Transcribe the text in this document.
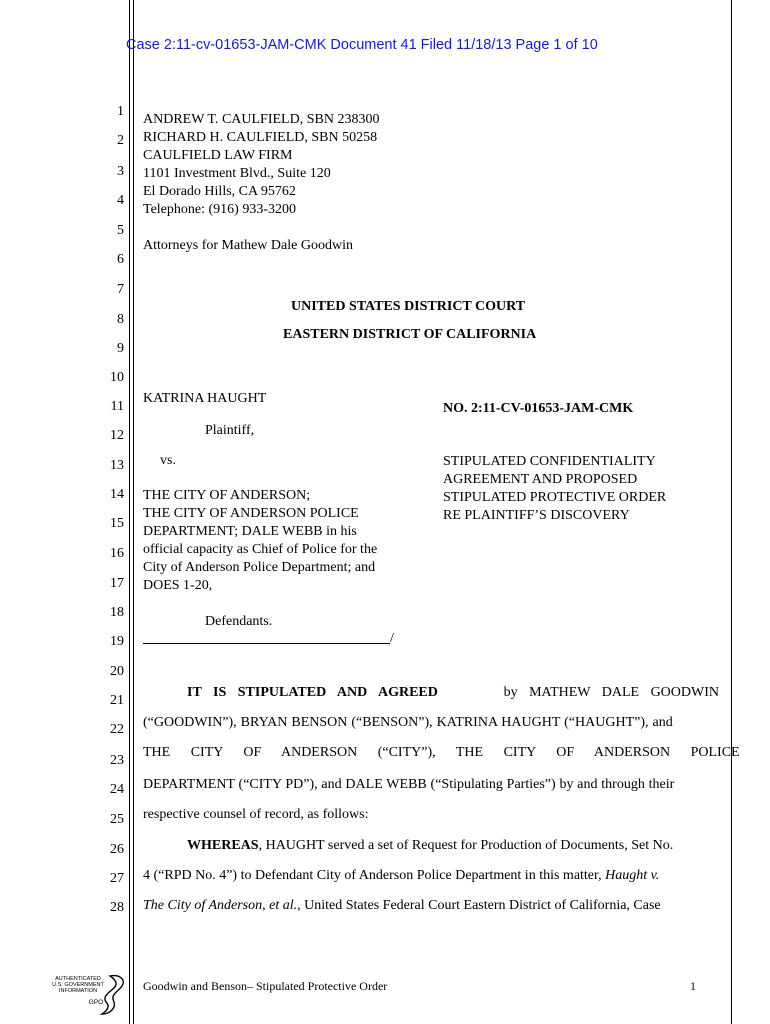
Case 2:11-cv-01653-JAM-CMK Document 41 Filed 11/18/13 Page 1 of 10
1
2
3
4
5
6
7
8
9
10
11
12
13
14
15
16
17
18
19
20
21
22
23
24
25
26
27
28
ANDREW T. CAULFIELD, SBN 238300
RICHARD H. CAULFIELD, SBN 50258
CAULFIELD LAW FIRM
1101 Investment Blvd., Suite 120
El Dorado Hills, CA 95762
Telephone: (916) 933-3200
Attorneys for Mathew Dale Goodwin
UNITED STATES DISTRICT COURT
EASTERN DISTRICT OF CALIFORNIA
KATRINA HAUGHT
Plaintiff,
vs.
THE CITY OF ANDERSON;
THE CITY OF ANDERSON POLICE
DEPARTMENT; DALE WEBB in his
official capacity as Chief of Police for the
City of Anderson Police Department; and
DOES 1-20,
Defendants.
/
NO. 2:11-CV-01653-JAM-CMK
STIPULATED CONFIDENTIALITY
AGREEMENT AND PROPOSED
STIPULATED PROTECTIVE ORDER
RE PLAINTIFF’S DISCOVERY
IT IS STIPULATED AND AGREED	by MATHEW DALE GOODWIN
(“GOODWIN”), BRYAN BENSON (“BENSON”), KATRINA HAUGHT (“HAUGHT”), and
THE CITY OF ANDERSON (“CITY”), THE CITY OF ANDERSON POLICE
DEPARTMENT (“CITY PD”), and DALE WEBB (“Stipulating Parties”) by and through their
respective counsel of record, as follows:
WHEREAS, HAUGHT served a set of Request for Production of Documents, Set No.
4 (“RPD No. 4”) to Defendant City of Anderson Police Department in this matter, Haught v.
The City of Anderson, et al., United States Federal Court Eastern District of California, Case
Goodwin and Benson– Stipulated Protective Order	1
AUTHENTICATED
U.S. GOVERNMENT
INFORMATION
GPO
